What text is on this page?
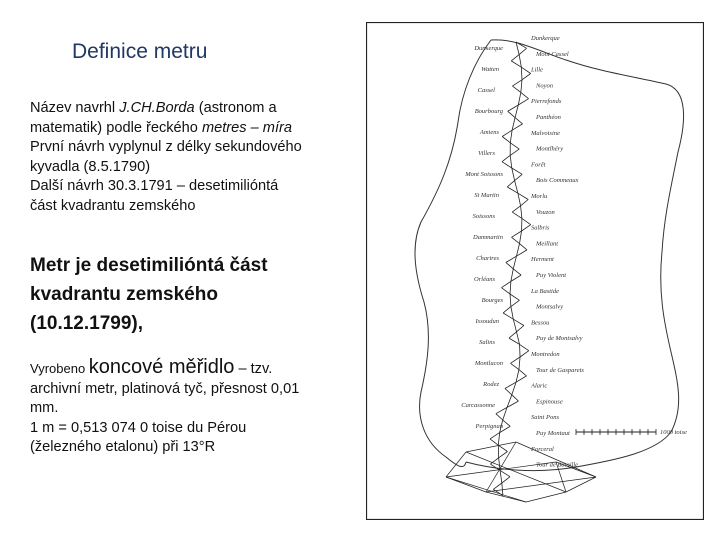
Definice metru
Název navrhl J.CH.Borda (astronom a
matematik) podle řeckého metres – míra
První návrh vyplynul z délky sekundového
kyvadla (8.5.1790)
Další návrh 30.3.1791 – desetimilióntá
část kvadrantu zemského
Metr je desetimilióntá část
kvadrantu zemského
(10.12.1799),
Vyrobeno koncové měřidlo – tzv.
archivní metr, platinová tyč, přesnost 0,01
mm.
1 m = 0,513 074 0 toise du Pérou
(železného etalonu) při 13°R
Dunkerque
Watten
Cassel
Bourbourg
Amiens
Villers
Mont Soissons
St Martin
Soissons
Dammartin
Chartres
Orléans
Bourges
Issoudun
Salins
Montlucon
Rodez
Carcassonne
Perpignan
Dunkerque
Mont Cassel
Lille
Noyon
Pierrefonds
Panthéon
Malvoisine
Montlhéry
Forêt
Bois Commeaux
Morlu
Vouzon
Salbris
Meillant
Herment
Puy Violent
La Bastide
Montsalvy
Bessou
Puy de Montsalvy
Montredon
Tour de Gasparets
Alaric
Espinouse
Saint Pons
Puy Montaut
Forceral
Tour de Bataille
1000 toise
